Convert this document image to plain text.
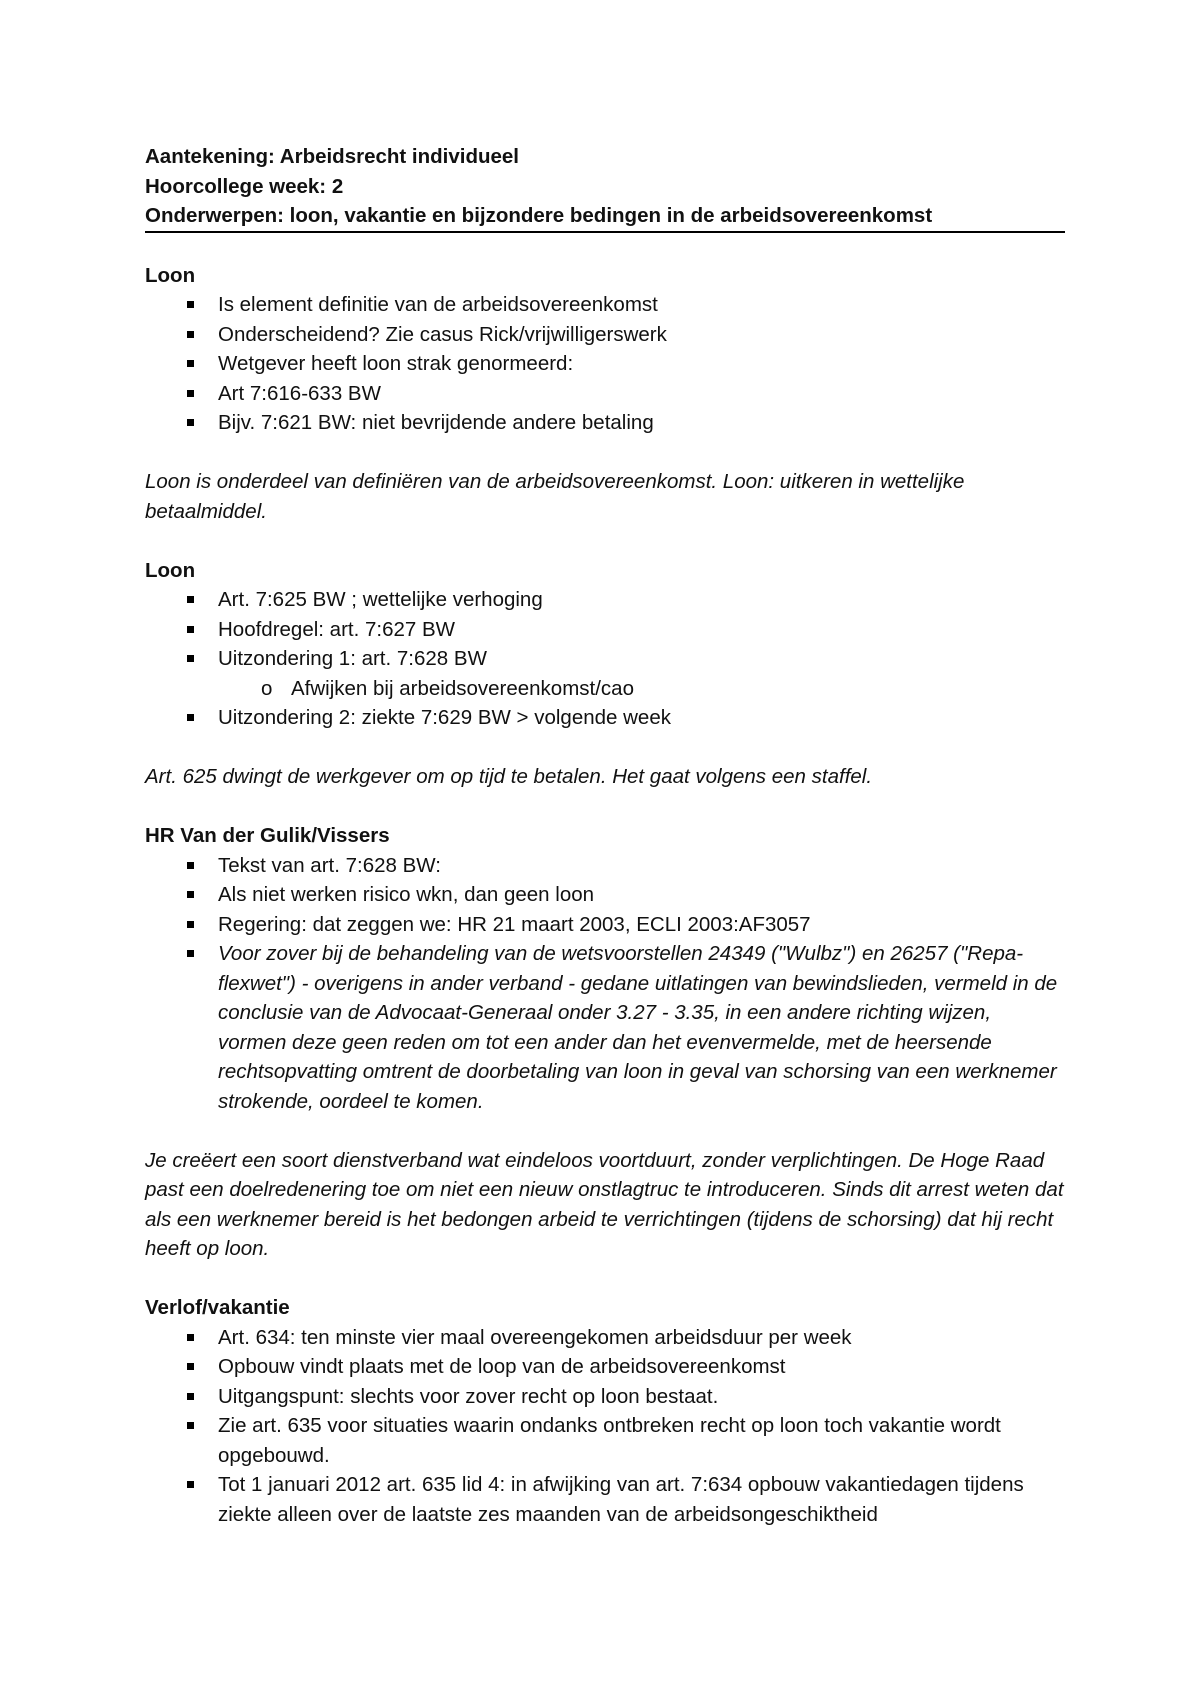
Aantekening: Arbeidsrecht individueel

Hoorcollege week: 2

Onderwerpen: loon, vakantie en bijzondere bedingen in de arbeidsovereenkomst

Loon
Is element definitie van de arbeidsovereenkomst
Onderscheidend? Zie casus Rick/vrijwilligerswerk
Wetgever heeft loon strak genormeerd:
Art 7:616-633 BW
Bijv. 7:621 BW: niet bevrijdende andere betaling

Loon is onderdeel van definiëren van de arbeidsovereenkomst. Loon: uitkeren in wettelijke betaalmiddel.

Loon
Art. 7:625 BW ; wettelijke verhoging
Hoofdregel: art. 7:627 BW
Uitzondering 1: art. 7:628 BW
o Afwijken bij arbeidsovereenkomst/cao
Uitzondering 2: ziekte 7:629 BW > volgende week

Art. 625 dwingt de werkgever om op tijd te betalen. Het gaat volgens een staffel.

HR Van der Gulik/Vissers
Tekst van art. 7:628 BW:
Als niet werken risico wkn, dan geen loon
Regering: dat zeggen we: HR 21 maart 2003, ECLI 2003:AF3057
Voor zover bij de behandeling van de wetsvoorstellen 24349 ("Wulbz") en 26257 ("Repa-flexwet") - overigens in ander verband - gedane uitlatingen van bewindslieden, vermeld in de conclusie van de Advocaat-Generaal onder 3.27 - 3.35, in een andere richting wijzen, vormen deze geen reden om tot een ander dan het evenvermelde, met de heersende rechtsopvatting omtrent de doorbetaling van loon in geval van schorsing van een werknemer strokende, oordeel te komen.

Je creëert een soort dienstverband wat eindeloos voortduurt, zonder verplichtingen. De Hoge Raad past een doelredenering toe om niet een nieuw onstlagtruc te introduceren. Sinds dit arrest weten dat als een werknemer bereid is het bedongen arbeid te verrichtingen (tijdens de schorsing) dat hij recht heeft op loon.

Verlof/vakantie
Art. 634: ten minste vier maal overeengekomen arbeidsduur per week
Opbouw vindt plaats met de loop van de arbeidsovereenkomst
Uitgangspunt: slechts voor zover recht op loon bestaat.
Zie art. 635 voor situaties waarin ondanks ontbreken recht op loon toch vakantie wordt opgebouwd.
Tot 1 januari 2012 art. 635 lid 4: in afwijking van art. 7:634 opbouw vakantiedagen tijdens ziekte alleen over de laatste zes maanden van de arbeidsongeschiktheid
